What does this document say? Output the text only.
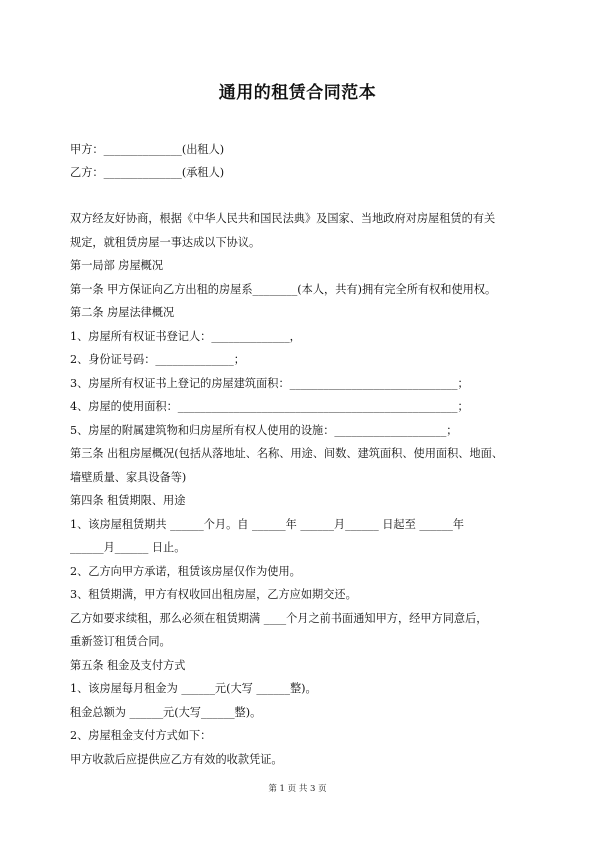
通用的租赁合同范本
甲方：______________(出租人)
乙方：______________(承租人)
双方经友好协商，根据《中华人民共和国民法典》及国家、当地政府对房屋租赁的有关
规定，就租赁房屋一事达成以下协议。
第一局部 房屋概况
第一条 甲方保证向乙方出租的房屋系________(本人，共有)拥有完全所有权和使用权。
第二条 房屋法律概况
1、房屋所有权证书登记人：______________，
2、身份证号码：______________；
3、房屋所有权证书上登记的房屋建筑面积：______________________________；
4、房屋的使用面积：__________________________________________________；
5、房屋的附属建筑物和归房屋所有权人使用的设施：____________________；
第三条 出租房屋概况(包括从落地址、名称、用途、间数、建筑面积、使用面积、地面、
墙壁质量、家具设备等)
第四条 租赁期限、用途
1、该房屋租赁期共 ______个月。自 ______年 ______月______ 日起至 ______年
______月______ 日止。
2、乙方向甲方承诺，租赁该房屋仅作为使用。
3、租赁期满，甲方有权收回出租房屋，乙方应如期交还。
乙方如要求续租，那么必须在租赁期满 ____个月之前书面通知甲方，经甲方同意后，
重新签订租赁合同。
第五条 租金及支付方式
1、该房屋每月租金为 ______元(大写 ______整)。
租金总额为 ______元(大写______整)。
2、房屋租金支付方式如下：
甲方收款后应提供应乙方有效的收款凭证。
第 1 页 共 3 页
